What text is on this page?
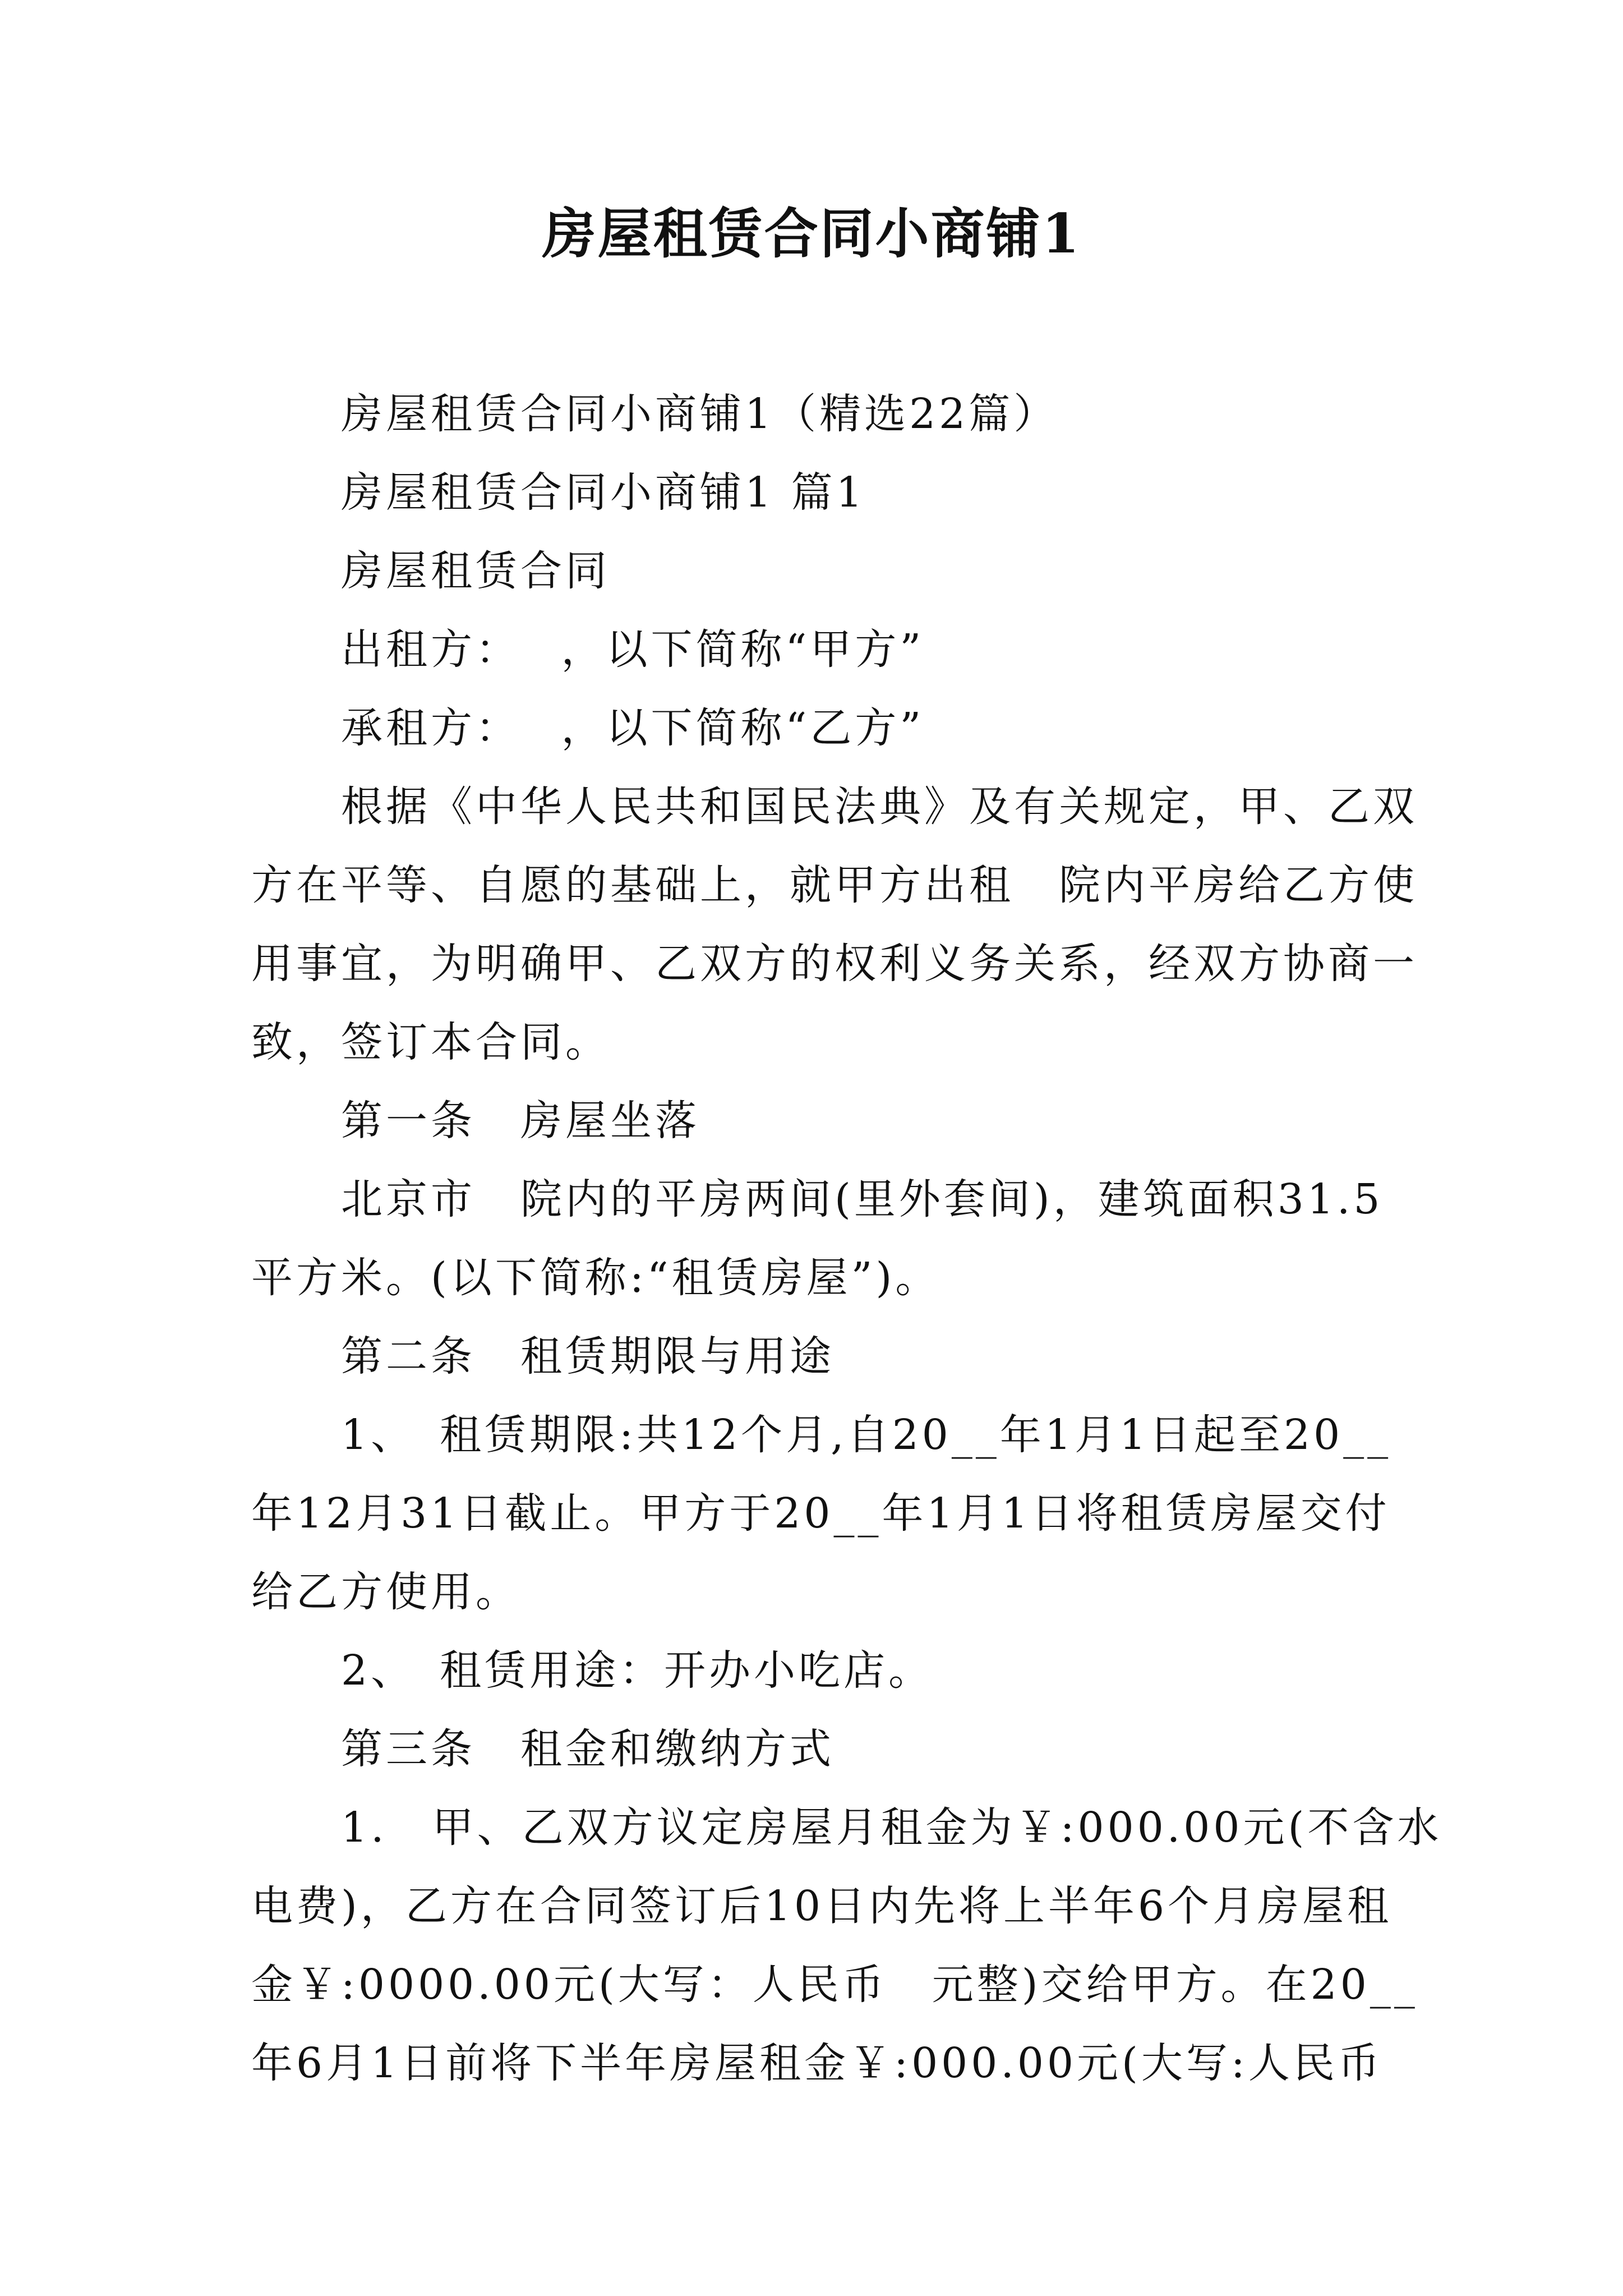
房屋租赁合同小商铺1

房屋租赁合同小商铺1（精选22篇）

房屋租赁合同小商铺1 篇1

房屋租赁合同

出租方：　 ，以下简称“甲方”

承租方：　 ，以下简称“乙方”

根据《中华人民共和国民法典》及有关规定，甲、乙双

方在平等、自愿的基础上，就甲方出租　院内平房给乙方使

用事宜，为明确甲、乙双方的权利义务关系，经双方协商一

致，签订本合同。

第一条　房屋坐落

北京市　院内的平房两间(里外套间)，建筑面积31.5

平方米。(以下简称:“租赁房屋”)。

第二条　租赁期限与用途

1、　租赁期限:共12个月,自20__年1月1日起至20__

年12月31日截止。甲方于20__年1月1日将租赁房屋交付

给乙方使用。

2、　租赁用途：开办小吃店。

第三条　租金和缴纳方式

1.　甲、乙双方议定房屋月租金为￥:000.00元(不含水

电费)，乙方在合同签订后10日内先将上半年6个月房屋租

金￥:0000.00元(大写：人民币　元整)交给甲方。在20__

年6月1日前将下半年房屋租金￥:000.00元(大写:人民币
